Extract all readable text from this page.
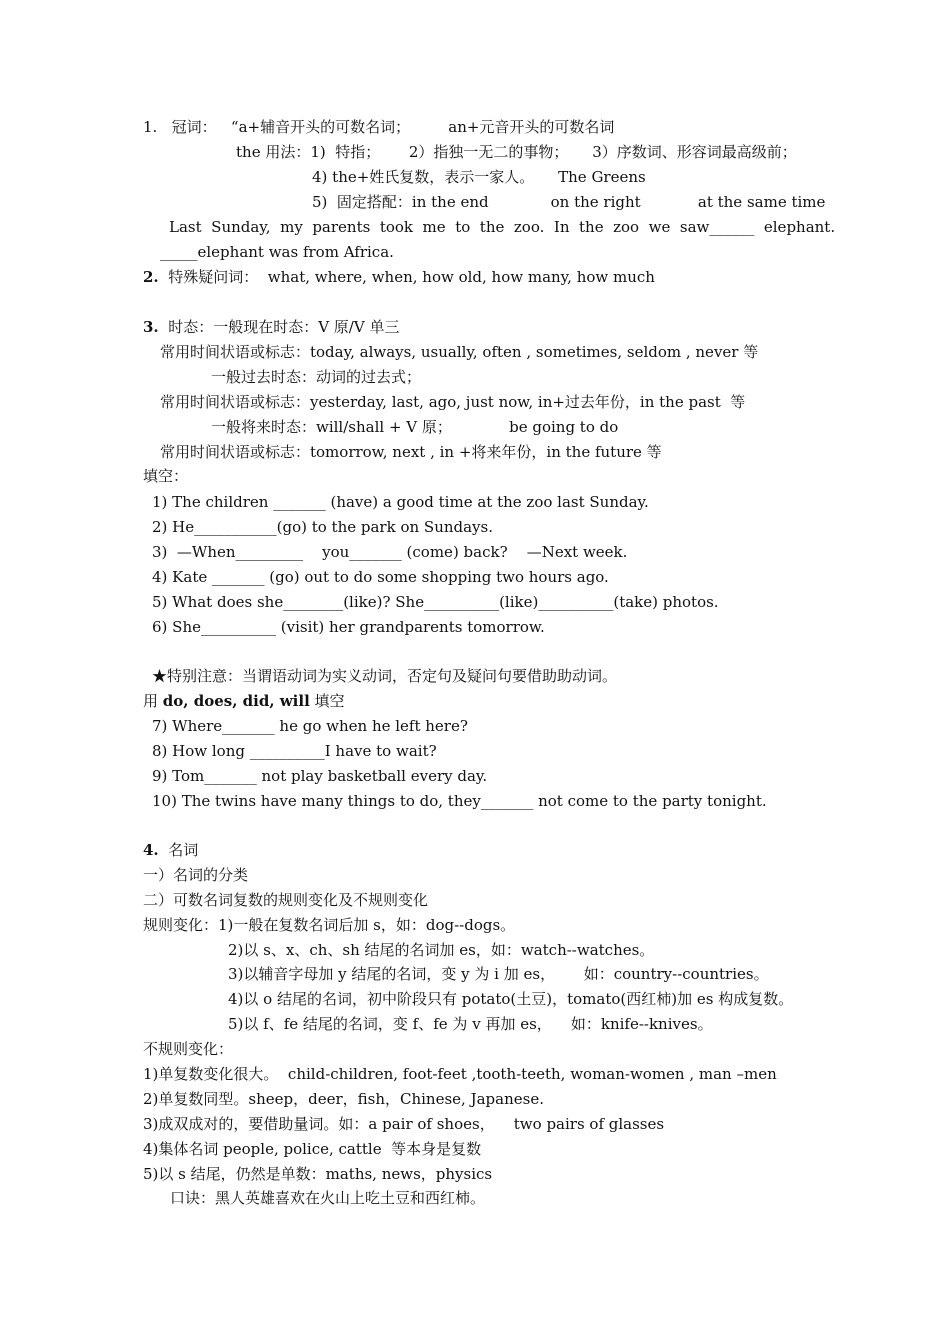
1.   冠词：   “a+辅音开头的可数名词；        an+元音开头的可数名词
the 用法：1)  特指；      2）指独一无二的事物；     3）序数词、形容词最高级前；
4) the+姓氏复数，表示一家人。     The Greens
5)  固定搭配：in the end             on the right            at the same time
Last  Sunday,  my  parents  took  me  to  the  zoo.  In  the  zoo  we  saw______  elephant.
_____elephant was from Africa.
2.  特殊疑问词：  what, where, when, how old, how many, how much
3.  时态：一般现在时态：V 原/V 单三
常用时间状语或标志：today, always, usually, often , sometimes, seldom , never 等
一般过去时态：动词的过去式；
常用时间状语或标志：yesterday, last, ago, just now, in+过去年份，in the past  等
一般将来时态：will/shall + V 原；            be going to do
常用时间状语或标志：tomorrow, next , in +将来年份，in the future 等
填空：
1) The children _______ (have) a good time at the zoo last Sunday.
2) He___________(go) to the park on Sundays.
3)  —When_________    you_______ (come) back?    —Next week.
4) Kate _______ (go) out to do some shopping two hours ago.
5) What does she________(like)? She__________(like)__________(take) photos.
6) She__________ (visit) her grandparents tomorrow.
★特别注意：当谓语动词为实义动词，否定句及疑问句要借助助动词。
用 do, does, did, will 填空
7) Where_______ he go when he left here?
8) How long __________I have to wait?
9) Tom_______ not play basketball every day.
10) The twins have many things to do, they_______ not come to the party tonight.
4.  名词
一）名词的分类
二）可数名词复数的规则变化及不规则变化
规则变化：1)一般在复数名词后加 s，如：dog--dogs。
2)以 s、x、ch、sh 结尾的名词加 es，如：watch--watches。
3)以辅音字母加 y 结尾的名词，变 y 为 i 加 es，      如：country--countries。
4)以 o 结尾的名词，初中阶段只有 potato(土豆)，tomato(西红柿)加 es 构成复数。
5)以 f、fe 结尾的名词，变 f、fe 为 v 再加 es，    如：knife--knives。
不规则变化：
1)单复数变化很大。  child-children, foot-feet ,tooth-teeth, woman-women , man –men
2)单复数同型。sheep，deer，fish，Chinese, Japanese.
3)成双成对的，要借助量词。如：a pair of shoes，    two pairs of glasses
4)集体名词 people, police, cattle  等本身是复数
5)以 s 结尾，仍然是单数：maths, news，physics
口诀：黑人英雄喜欢在火山上吃土豆和西红柿。
